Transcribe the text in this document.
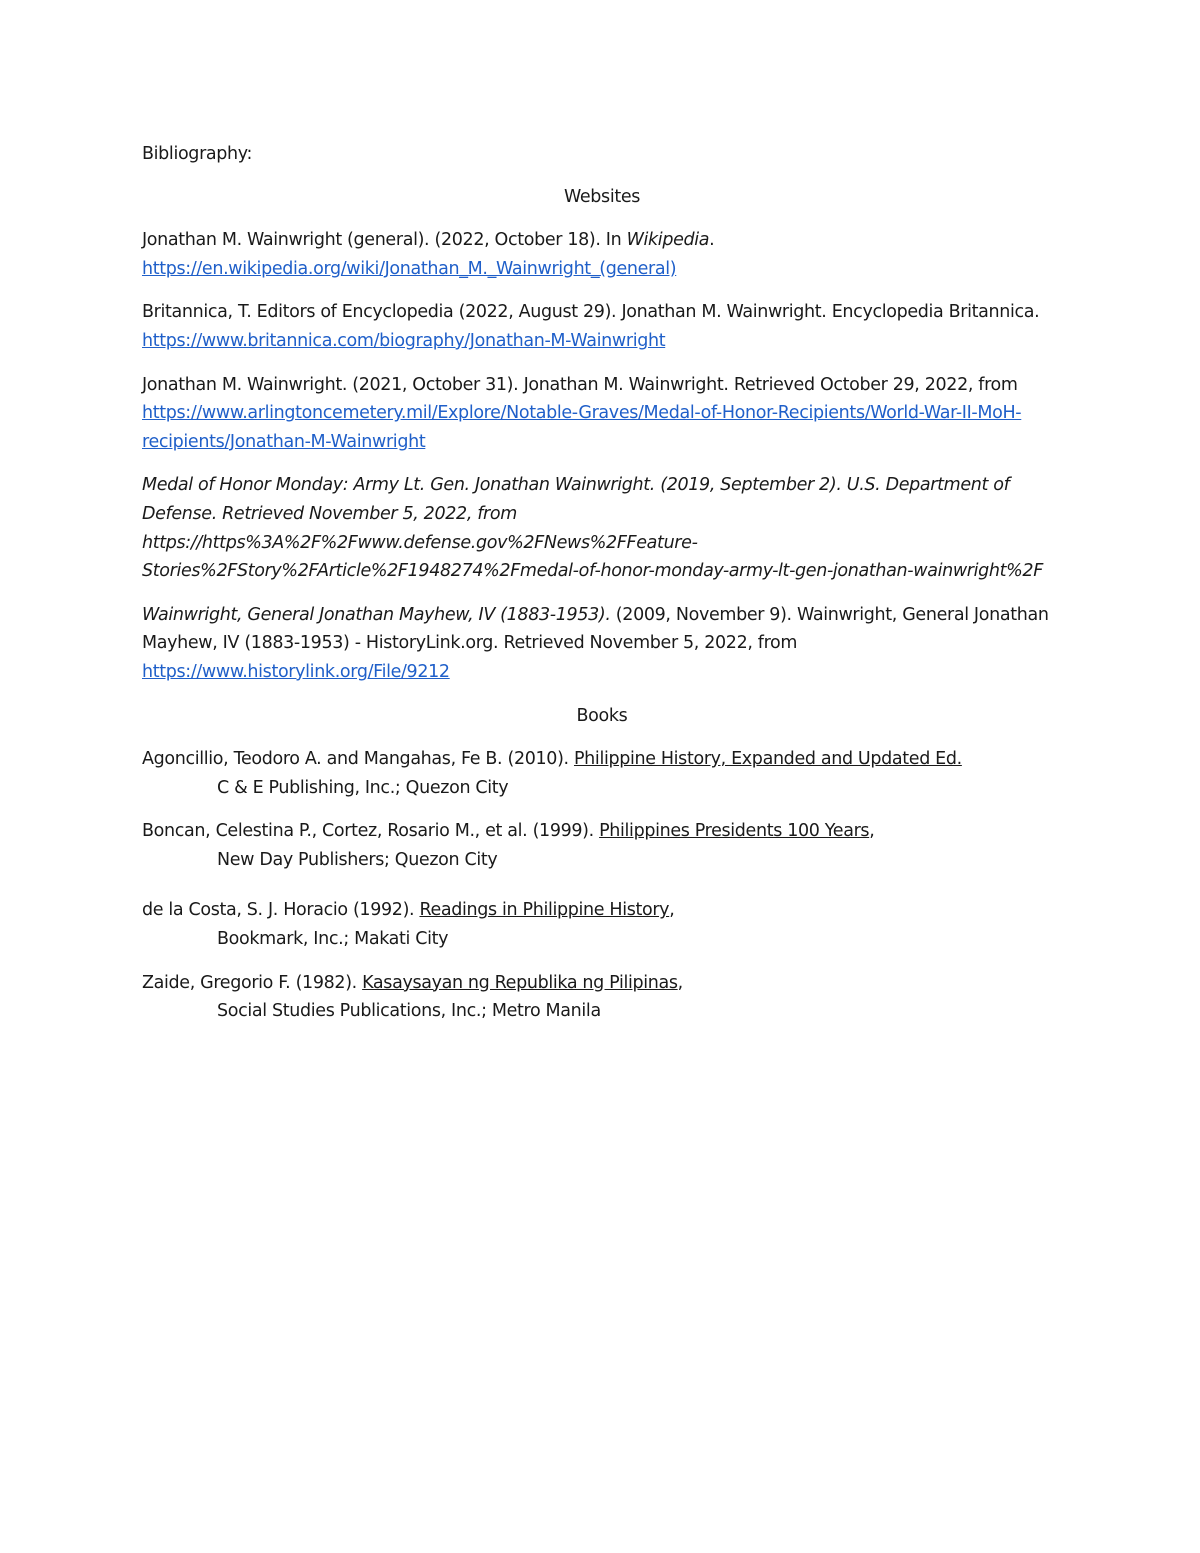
Bibliography:

Websites

Jonathan M. Wainwright (general). (2022, October 18). In Wikipedia.
https://en.wikipedia.org/wiki/Jonathan_M._Wainwright_(general)

Britannica, T. Editors of Encyclopedia (2022, August 29). Jonathan M. Wainwright. Encyclopedia Britannica. https://www.britannica.com/biography/Jonathan-M-Wainwright

Jonathan M. Wainwright. (2021, October 31). Jonathan M. Wainwright. Retrieved October 29, 2022, from https://www.arlingtoncemetery.mil/Explore/Notable-Graves/Medal-of-Honor-Recipients/World-War-II-MoH-recipients/Jonathan-M-Wainwright

Medal of Honor Monday: Army Lt. Gen. Jonathan Wainwright. (2019, September 2). U.S. Department of Defense. Retrieved November 5, 2022, from https://https%3A%2F%2Fwww.defense.gov%2FNews%2FFeature-Stories%2FStory%2FArticle%2F1948274%2Fmedal-of-honor-monday-army-lt-gen-jonathan-wainwright%2F

Wainwright, General Jonathan Mayhew, IV (1883-1953). (2009, November 9). Wainwright, General Jonathan Mayhew, IV (1883-1953) - HistoryLink.org. Retrieved November 5, 2022, from https://www.historylink.org/File/9212

Books

Agoncillio, Teodoro A. and Mangahas, Fe B. (2010). Philippine History, Expanded and Updated Ed.
C & E Publishing, Inc.; Quezon City

Boncan, Celestina P., Cortez, Rosario M., et al. (1999). Philippines Presidents 100 Years,
New Day Publishers; Quezon City

de la Costa, S. J. Horacio (1992). Readings in Philippine History,
Bookmark, Inc.; Makati City

Zaide, Gregorio F. (1982). Kasaysayan ng Republika ng Pilipinas,
Social Studies Publications, Inc.; Metro Manila
